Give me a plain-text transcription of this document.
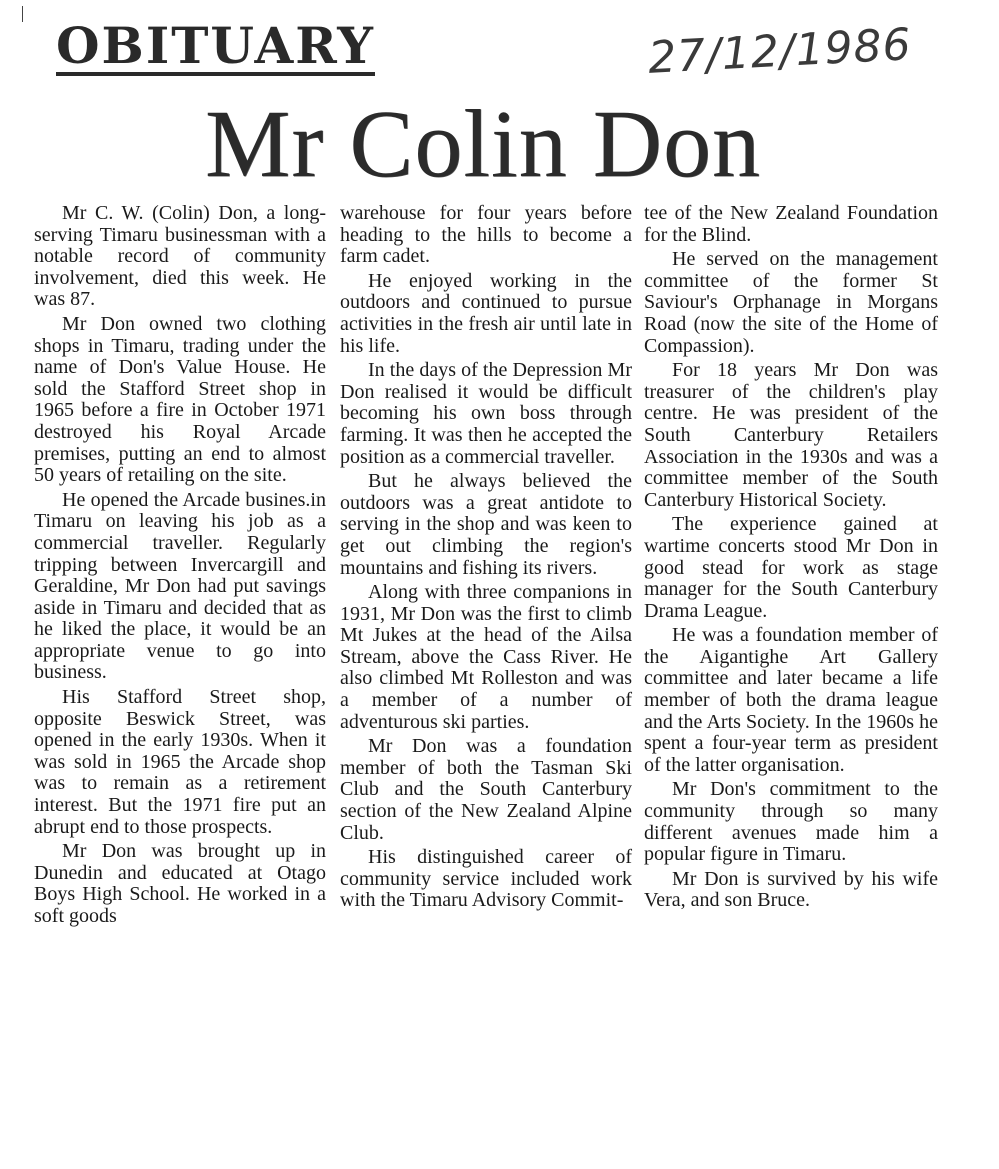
OBITUARY	27/12/1986
Mr Colin Don

Mr C. W. (Colin) Don, a long-serving Timaru businessman with a notable record of community involvement, died this week. He was 87.

Mr Don owned two clothing shops in Timaru, trading under the name of Don's Value House. He sold the Stafford Street shop in 1965 before a fire in October 1971 destroyed his Royal Arcade premises, putting an end to almost 50 years of retailing on the site.

He opened the Arcade busines.in Timaru on leaving his job as a commercial traveller. Regularly tripping between Invercargill and Geraldine, Mr Don had put savings aside in Timaru and decided that as he liked the place, it would be an appropriate venue to go into business.

His Stafford Street shop, opposite Beswick Street, was opened in the early 1930s. When it was sold in 1965 the Arcade shop was to remain as a retirement interest. But the 1971 fire put an abrupt end to those prospects.

Mr Don was brought up in Dunedin and educated at Otago Boys High School. He worked in a soft goods

warehouse for four years before heading to the hills to become a farm cadet.

He enjoyed working in the outdoors and continued to pursue activities in the fresh air until late in his life.

In the days of the Depression Mr Don realised it would be difficult becoming his own boss through farming. It was then he accepted the position as a commercial traveller.

But he always believed the outdoors was a great antidote to serving in the shop and was keen to get out climbing the region's mountains and fishing its rivers.

Along with three companions in 1931, Mr Don was the first to climb Mt Jukes at the head of the Ailsa Stream, above the Cass River. He also climbed Mt Rolleston and was a member of a number of adventurous ski parties.

Mr Don was a foundation member of both the Tasman Ski Club and the South Canterbury section of the New Zealand Alpine Club.

His distinguished career of community service included work with the Timaru Advisory Commit-

tee of the New Zealand Foundation for the Blind.

He served on the management committee of the former St Saviour's Orphanage in Morgans Road (now the site of the Home of Compassion).

For 18 years Mr Don was treasurer of the children's play centre. He was president of the South Canterbury Retailers Association in the 1930s and was a committee member of the South Canterbury Historical Society.

The experience gained at wartime concerts stood Mr Don in good stead for work as stage manager for the South Canterbury Drama League.

He was a foundation member of the Aigantighe Art Gallery committee and later became a life member of both the drama league and the Arts Society. In the 1960s he spent a four-year term as president of the latter organisation.

Mr Don's commitment to the community through so many different avenues made him a popular figure in Timaru.

Mr Don is survived by his wife Vera, and son Bruce.
